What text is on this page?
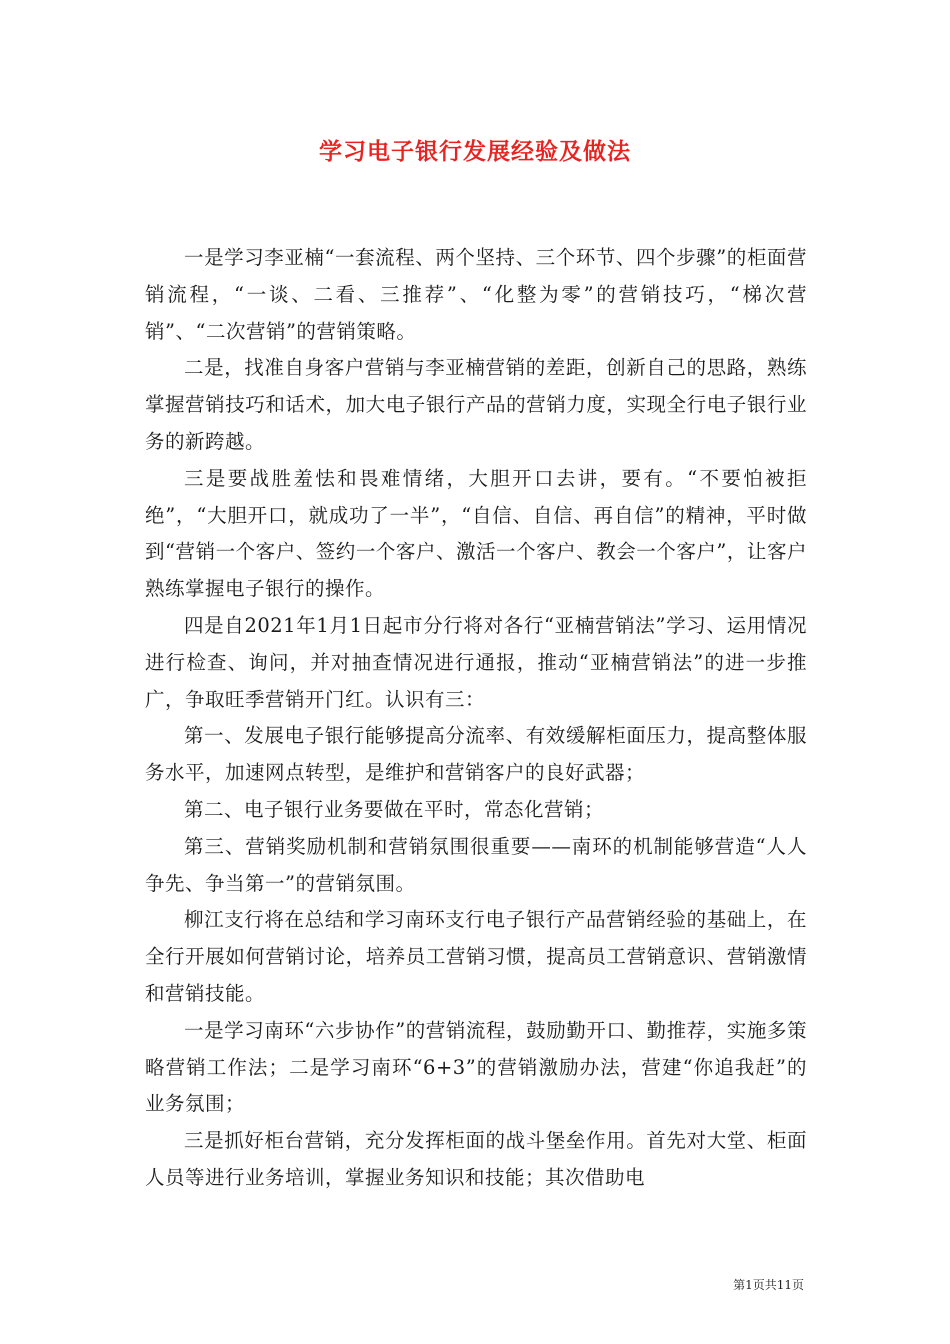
学习电子银行发展经验及做法

一是学习李亚楠“一套流程、两个坚持、三个环节、四个步骤”的柜面营销流程，“一谈、二看、三推荐”、“化整为零”的营销技巧，“梯次营销”、“二次营销”的营销策略。

二是，找准自身客户营销与李亚楠营销的差距，创新自己的思路，熟练掌握营销技巧和话术，加大电子银行产品的营销力度，实现全行电子银行业务的新跨越。

三是要战胜羞怯和畏难情绪，大胆开口去讲，要有。“不要怕被拒绝”，“大胆开口，就成功了一半”，“自信、自信、再自信”的精神，平时做到“营销一个客户、签约一个客户、激活一个客户、教会一个客户”，让客户熟练掌握电子银行的操作。

四是自2021年1月1日起市分行将对各行“亚楠营销法”学习、运用情况进行检查、询问，并对抽查情况进行通报，推动“亚楠营销法”的进一步推广，争取旺季营销开门红。认识有三：

第一、发展电子银行能够提高分流率、有效缓解柜面压力，提高整体服务水平，加速网点转型，是维护和营销客户的良好武器；

第二、电子银行业务要做在平时，常态化营销；

第三、营销奖励机制和营销氛围很重要——南环的机制能够营造“人人争先、争当第一”的营销氛围。

柳江支行将在总结和学习南环支行电子银行产品营销经验的基础上，在全行开展如何营销讨论，培养员工营销习惯，提高员工营销意识、营销激情和营销技能。

一是学习南环“六步协作”的营销流程，鼓励勤开口、勤推荐，实施多策略营销工作法；二是学习南环“6+3”的营销激励办法，营建“你追我赶”的业务氛围；

三是抓好柜台营销，充分发挥柜面的战斗堡垒作用。首先对大堂、柜面人员等进行业务培训，掌握业务知识和技能；其次借助电

第1页共11页
